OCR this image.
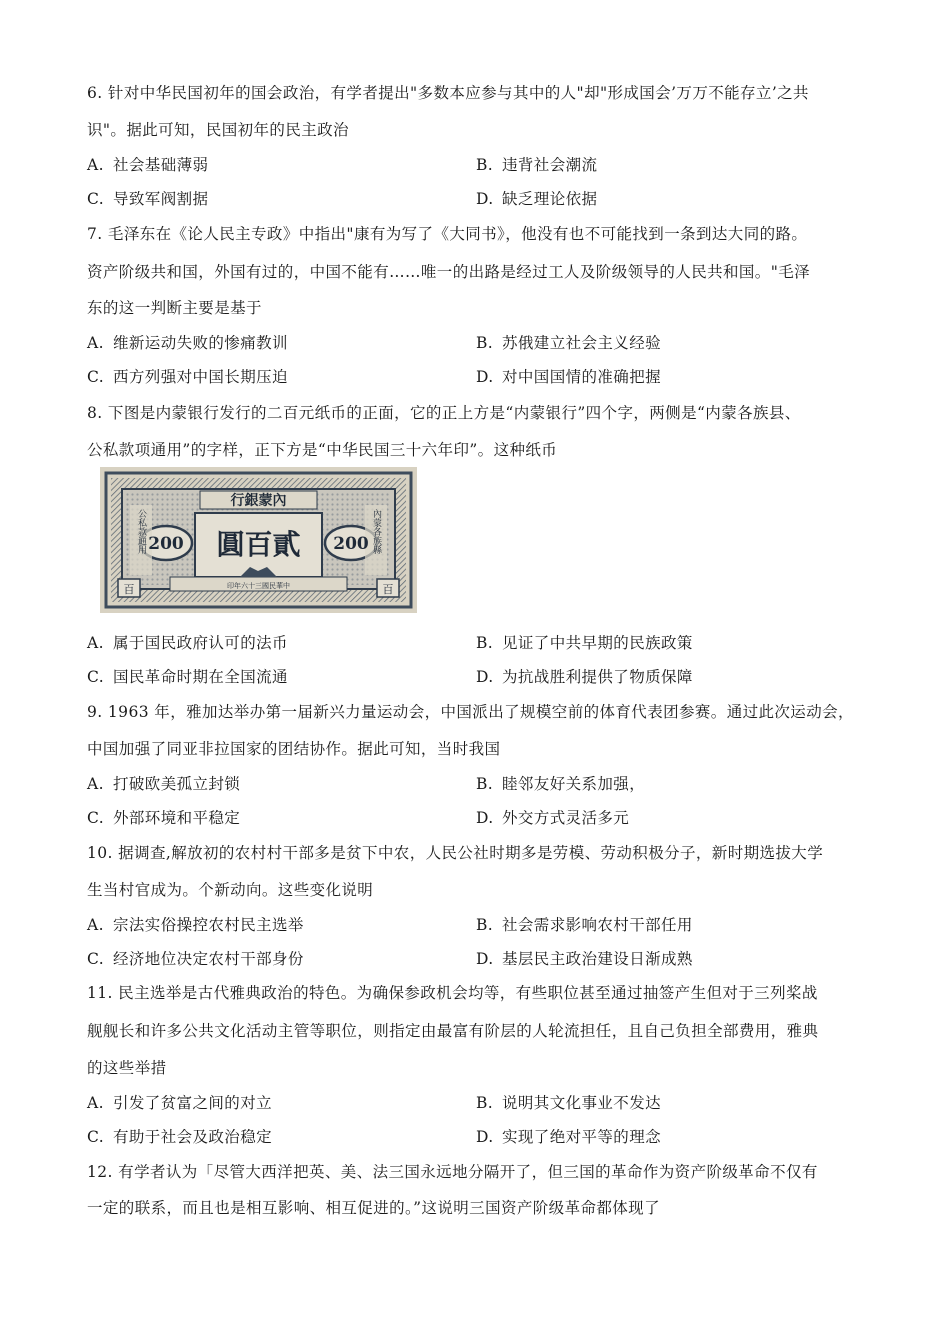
6. 针对中华民国初年的国会政治，有学者提出"多数本应参与其中的人"却"形成国会’万万不能存立’之共
识"。据此可知，民国初年的民主政治
A. 社会基础薄弱	B. 违背社会潮流
C. 导致军阀割据	D. 缺乏理论依据
7. 毛泽东在《论人民主专政》中指出"康有为写了《大同书》，他没有也不可能找到一条到达大同的路。
资产阶级共和国，外国有过的，中国不能有……唯一的出路是经过工人及阶级领导的人民共和国。"毛泽
东的这一判断主要是基于
A. 维新运动失败的惨痛教训	B. 苏俄建立社会主义经验
C. 西方列强对中国长期压迫	D. 对中国国情的准确把握
8. 下图是内蒙银行发行的二百元纸币的正面，它的正上方是“内蒙银行”四个字，两侧是“内蒙各族县、
公私款项通用”的字样，正下方是“中华民国三十六年印”。这种纸币
行銀蒙內
圓百貳
200	200
公私款通用	內蒙各族縣
印年六十三國民華中
百	百
A. 属于国民政府认可的法币	B. 见证了中共早期的民族政策
C. 国民革命时期在全国流通	D. 为抗战胜利提供了物质保障
9. 1963 年，雅加达举办第一届新兴力量运动会，中国派出了规模空前的体育代表团参赛。通过此次运动会，
中国加强了同亚非拉国家的团结协作。据此可知，当时我国
A. 打破欧美孤立封锁	B. 睦邻友好关系加强，
C. 外部环境和平稳定	D. 外交方式灵活多元
10. 据调查,解放初的农村村干部多是贫下中农，人民公社时期多是劳模、劳动积极分子，新时期选拔大学
生当村官成为。个新动向。这些变化说明
A. 宗法实俗操控农村民主选举	B. 社会需求影响农村干部任用
C. 经济地位决定农村干部身份	D. 基层民主政治建设日渐成熟
11. 民主选举是古代雅典政治的特色。为确保参政机会均等，有些职位甚至通过抽签产生但对于三列桨战
舰舰长和许多公共文化活动主管等职位，则指定由最富有阶层的人轮流担任，且自己负担全部费用，雅典
的这些举措
A. 引发了贫富之间的对立	B. 说明其文化事业不发达
C. 有助于社会及政治稳定	D. 实现了绝对平等的理念
12. 有学者认为「尽管大西洋把英、美、法三国永远地分隔开了，但三国的革命作为资产阶级革命不仅有
一定的联系，而且也是相互影响、相互促进的。”这说明三国资产阶级革命都体现了
